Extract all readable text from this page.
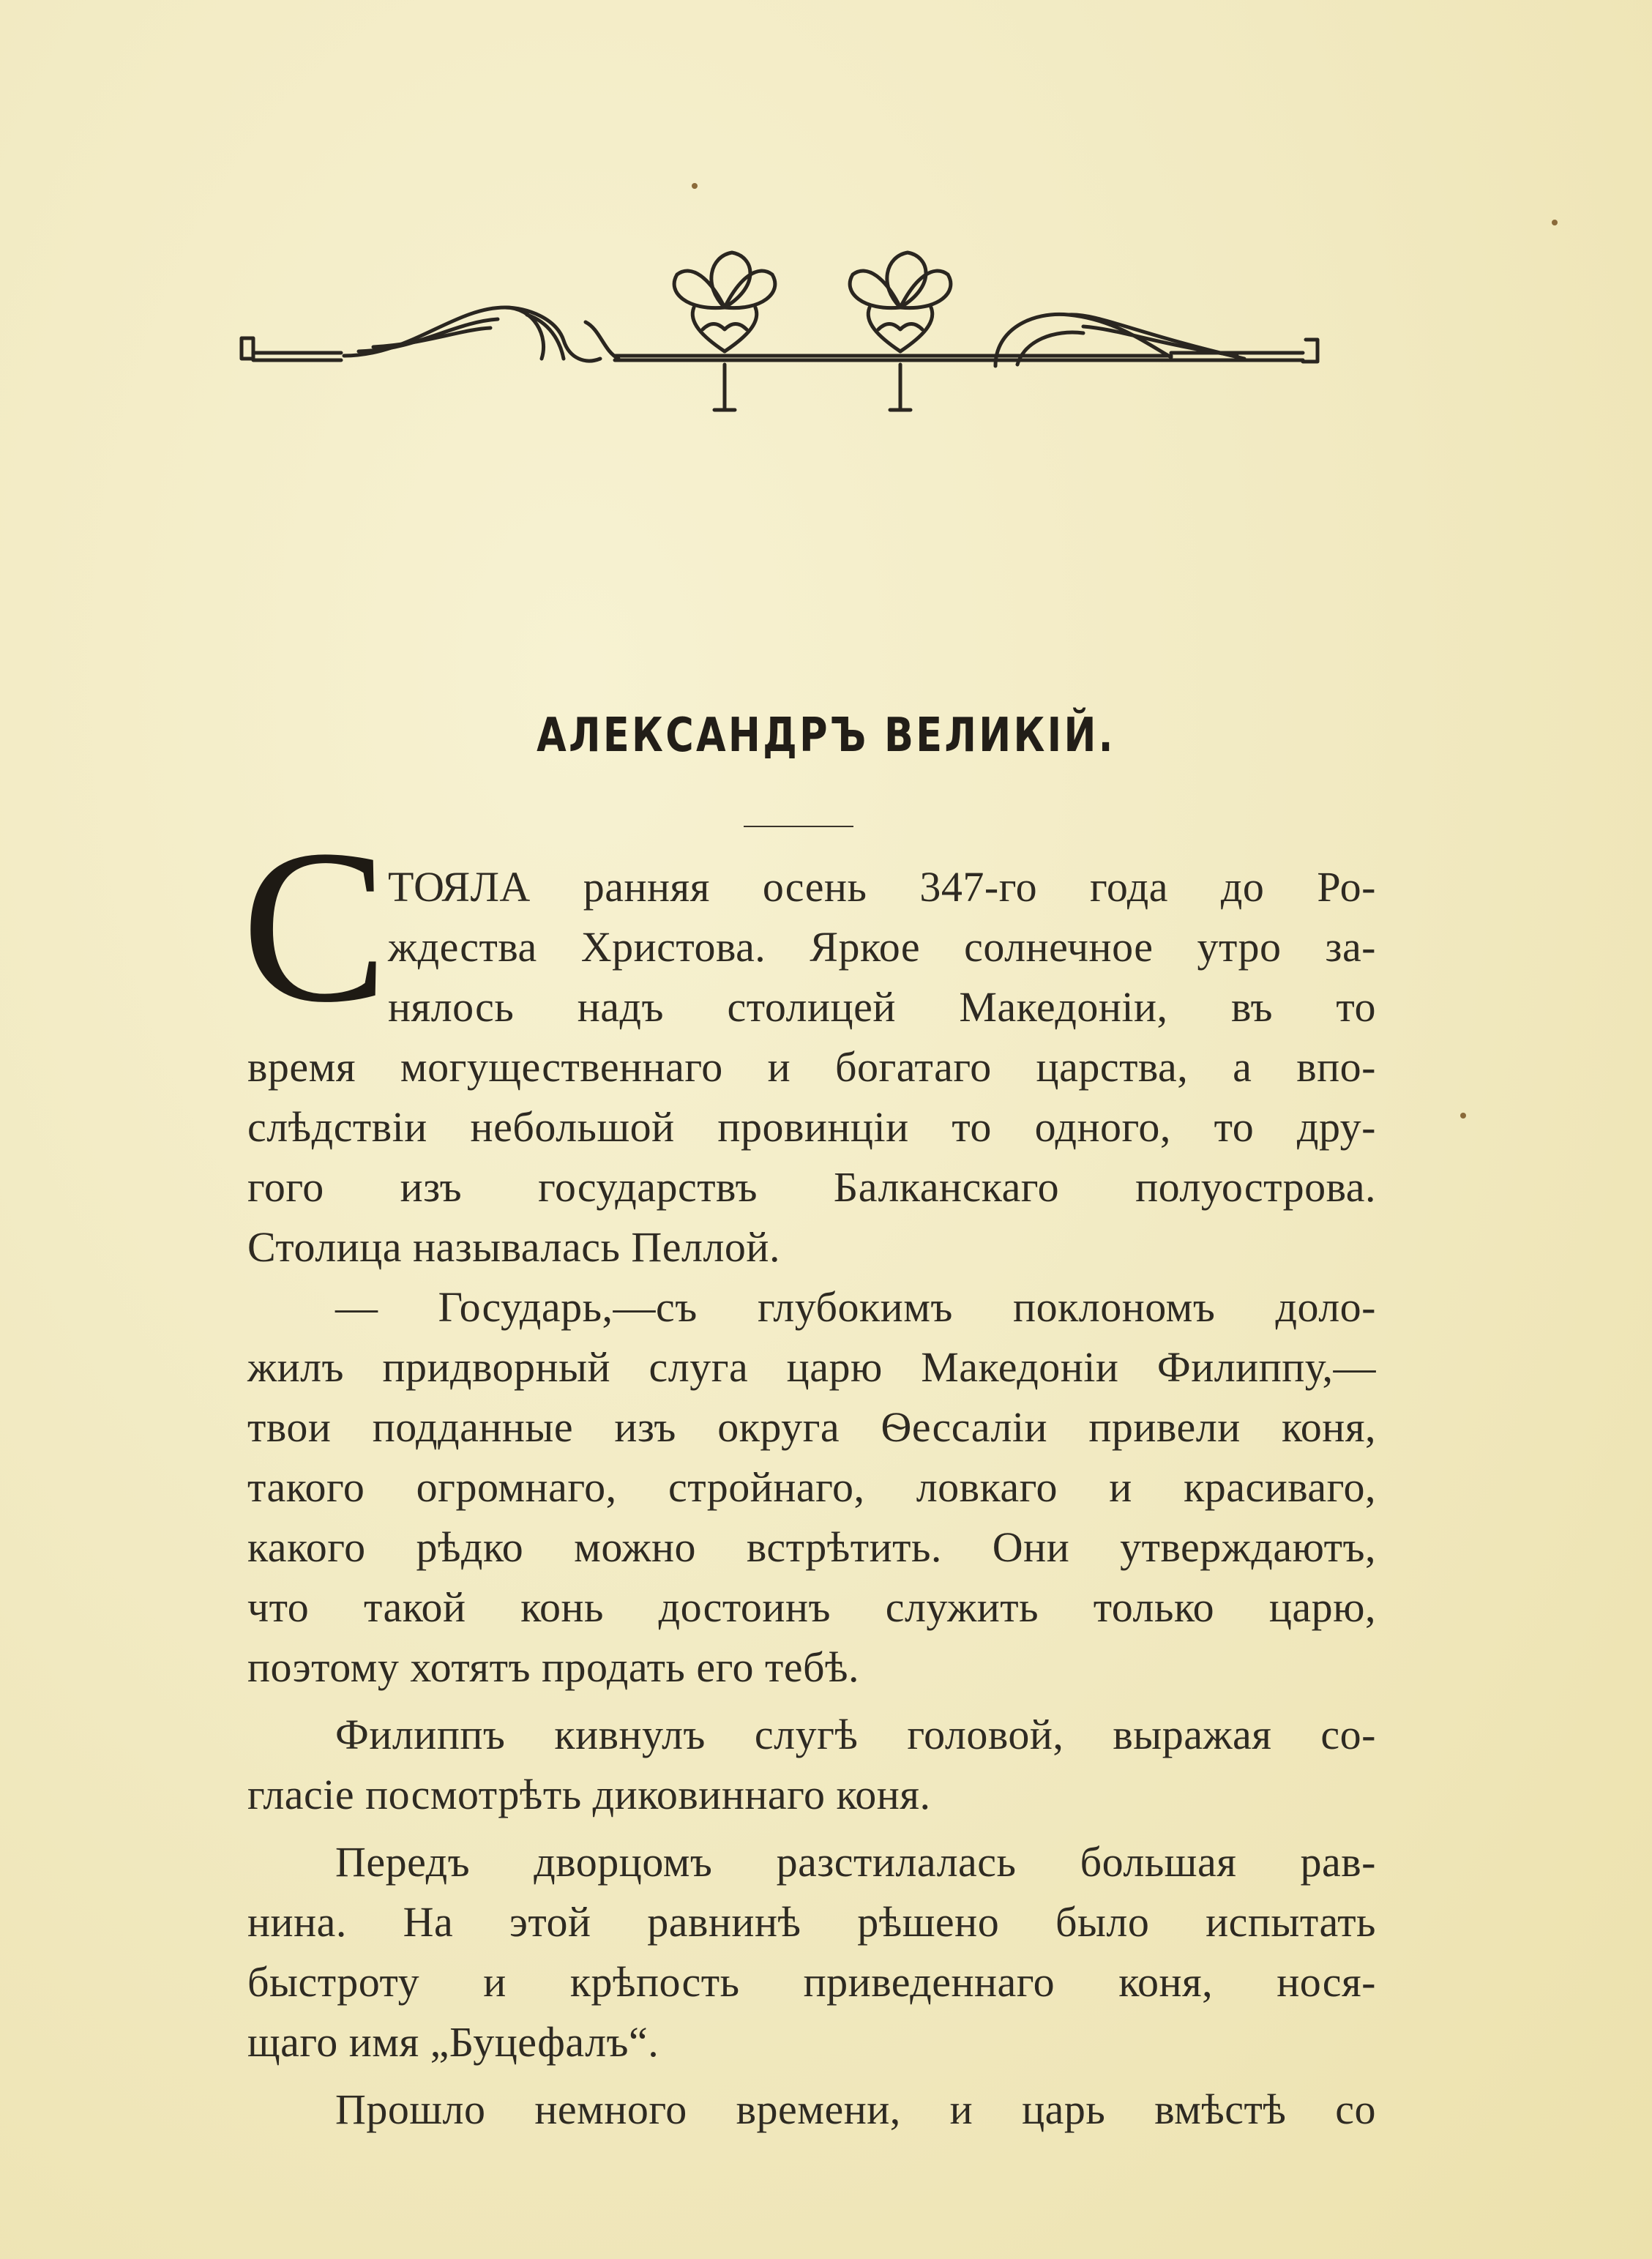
АЛЕКСАНДРЪ ВЕЛИКІЙ.
С ТОЯЛА ранняя осень 347-го года до Ро-
ждества Христова. Яркое солнечное утро за-
нялось надъ столицей Македоніи, въ то
время могущественнаго и богатаго царства, а впо-
слѣдствіи небольшой провинціи то одного, то дру-
гого изъ государствъ Балканскаго полуострова.
Столица называлась Пеллой.
— Государь,—съ глубокимъ поклономъ доло-
жилъ придворный слуга царю Македоніи Филиппу,—
твои подданные изъ округа Ѳессаліи привели коня,
такого огромнаго, стройнаго, ловкаго и красиваго,
какого рѣдко можно встрѣтить. Они утверждаютъ,
что такой конь достоинъ служить только царю,
поэтому хотятъ продать его тебѣ.
Филиппъ кивнулъ слугѣ головой, выражая со-
гласіе посмотрѣть диковиннаго коня.
Передъ дворцомъ разстилалась большая рав-
нина. На этой равнинѣ рѣшено было испытать
быстроту и крѣпость приведеннаго коня, нося-
щаго имя „Буцефалъ“.
Прошло немного времени, и царь вмѣстѣ со
